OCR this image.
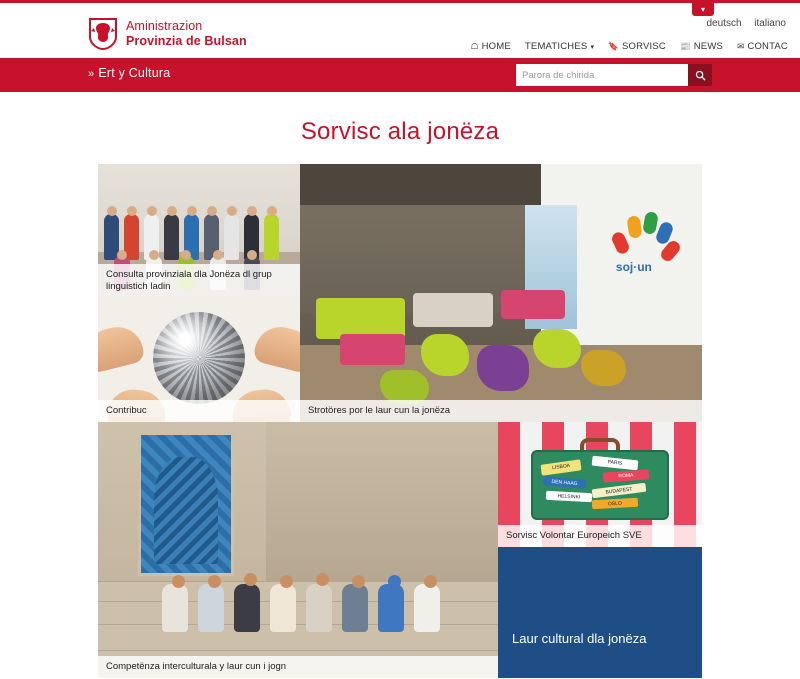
▾
deutsch italiano
Aministrazion
Provinzia de Bulsan	☖ HOME TEMATICHES ▾ 🔖 SORVISC 📰 NEWS ✉ CONTAC
» Ert y Cultura
Parora de chirida
Sorvisc ala jonëza
Consulta provinziala dla Jonëza dl grup linguistich ladin
Contribuc
soj·un
Strotöres por le laur cun la jonëza
Competënza interculturala y laur cun i jogn
LISBOA
PARIS
ROMA
DEN HAAG
BUDAPEST
HELSINKI
OSLO
Sorvisc Volontar Europeich SVE
Laur cultural dla jonëza
